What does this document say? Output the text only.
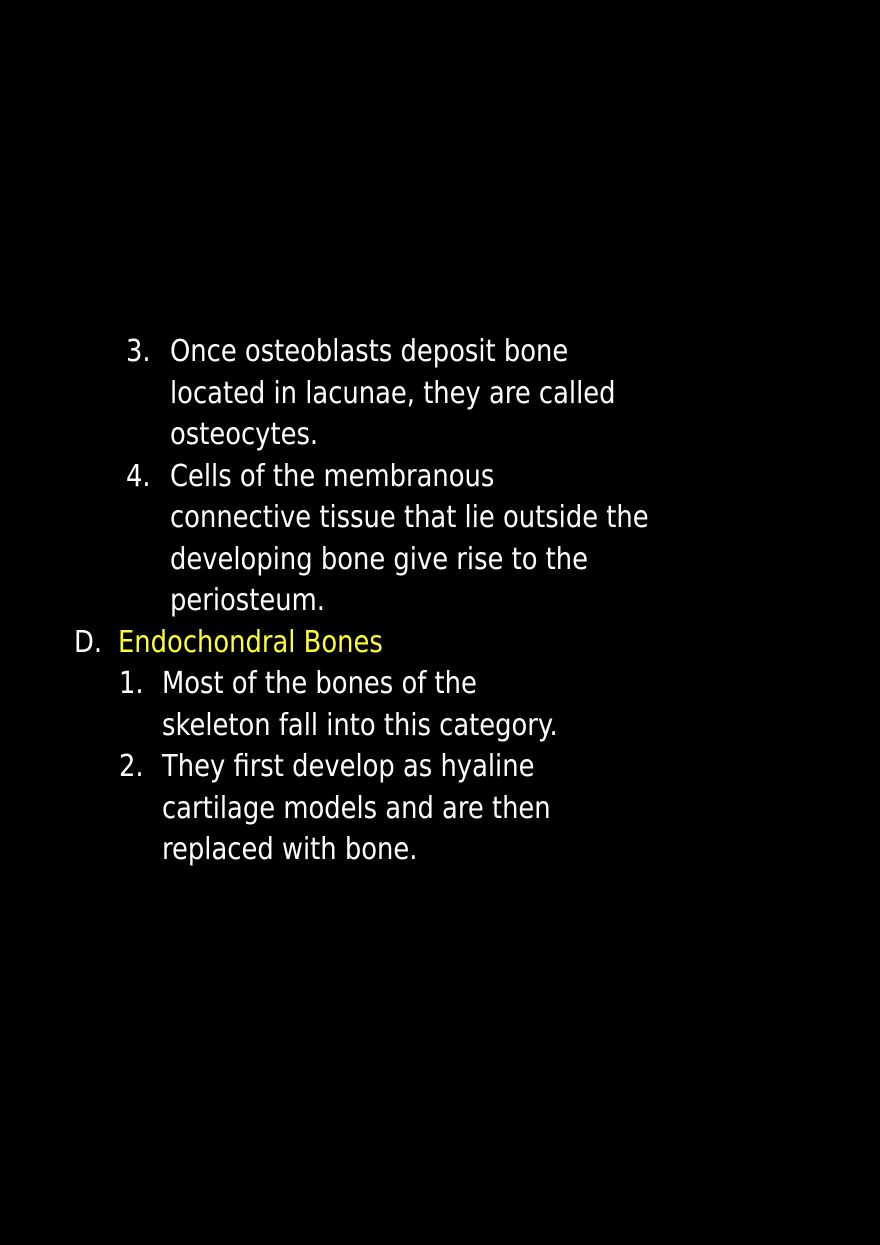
3. Once osteoblasts deposit bone
located in lacunae, they are called
osteocytes.
4. Cells of the membranous
connective tissue that lie outside the
developing bone give rise to the
periosteum.
D. Endochondral Bones
1. Most of the bones of the
skeleton fall into this category.
2. They first develop as hyaline
cartilage models and are then
replaced with bone.
